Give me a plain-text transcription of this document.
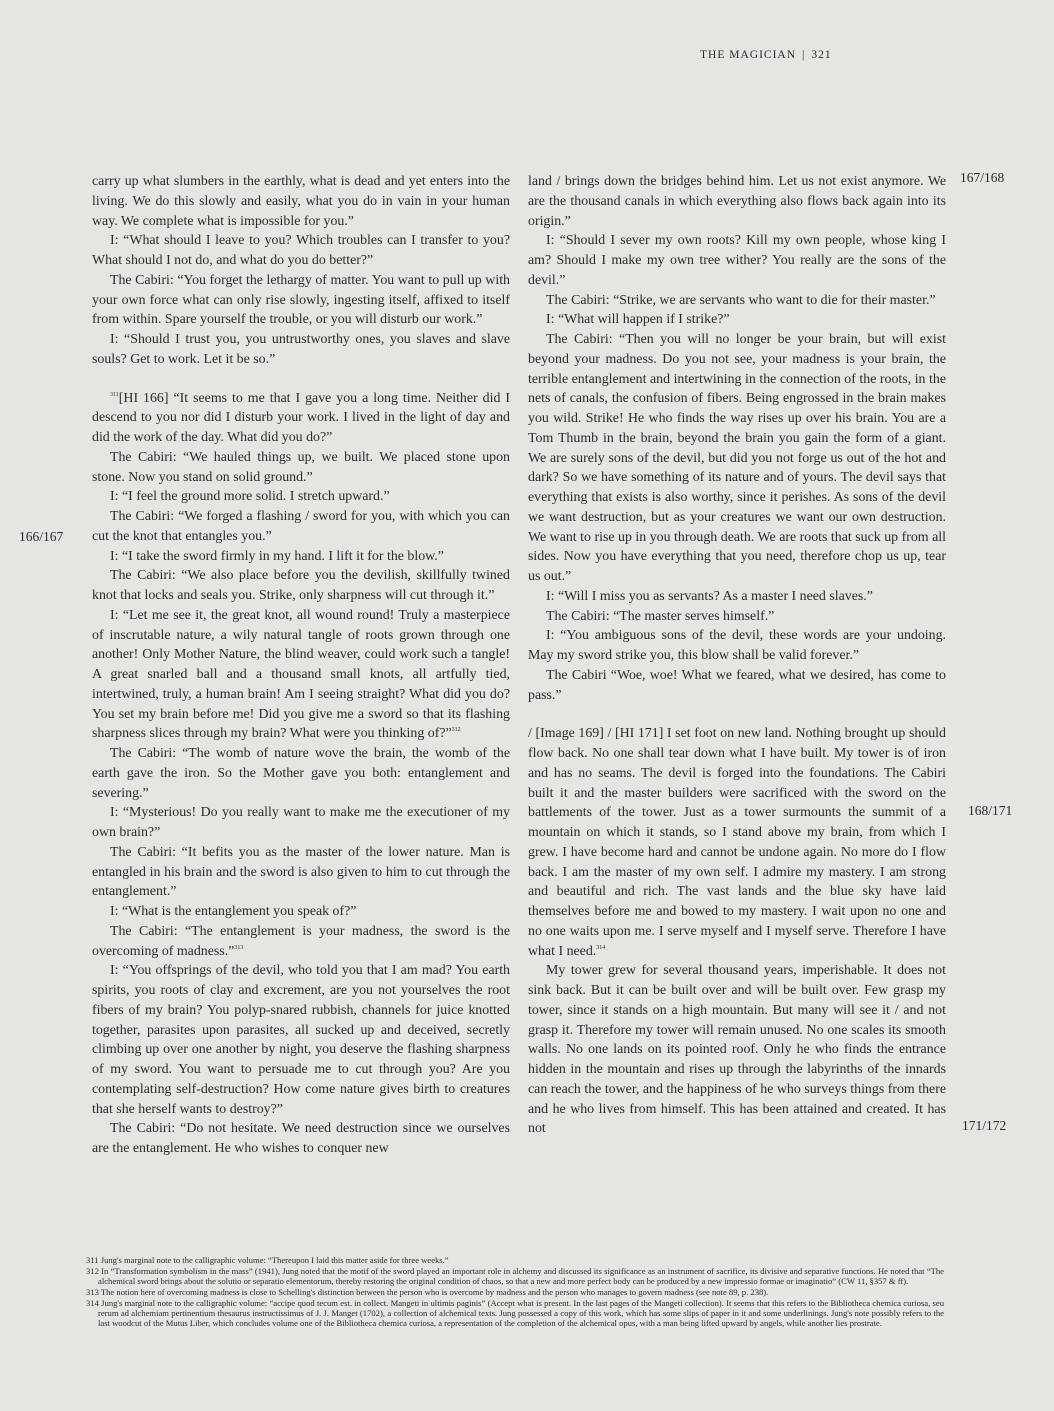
THE MAGICIAN | 321
167/168
166/167
168/171
171/172

carry up what slumbers in the earthly, what is dead and yet enters into the living. We do this slowly and easily, what you do in vain in your human way. We complete what is impossible for you.”

I: “What should I leave to you? Which troubles can I transfer to you? What should I not do, and what do you do better?”

The Cabiri: “You forget the lethargy of matter. You want to pull up with your own force what can only rise slowly, ingesting itself, affixed to itself from within. Spare yourself the trouble, or you will disturb our work.”

I: “Should I trust you, you untrustworthy ones, you slaves and slave souls? Get to work. Let it be so.”

$^{311}$[HI 166] “It seems to me that I gave you a long time. Neither did I descend to you nor did I disturb your work. I lived in the light of day and did the work of the day. What did you do?”

The Cabiri: “We hauled things up, we built. We placed stone upon stone. Now you stand on solid ground.”

I: “I feel the ground more solid. I stretch upward.”

The Cabiri: “We forged a flashing / sword for you, with which you can cut the knot that entangles you.”

I: “I take the sword firmly in my hand. I lift it for the blow.”

The Cabiri: “We also place before you the devilish, skillfully twined knot that locks and seals you. Strike, only sharpness will cut through it.”

I: “Let me see it, the great knot, all wound round! Truly a masterpiece of inscrutable nature, a wily natural tangle of roots grown through one another! Only Mother Nature, the blind weaver, could work such a tangle! A great snarled ball and a thousand small knots, all artfully tied, intertwined, truly, a human brain! Am I seeing straight? What did you do? You set my brain before me! Did you give me a sword so that its flashing sharpness slices through my brain? What were you thinking of?”$^{312}$

The Cabiri: “The womb of nature wove the brain, the womb of the earth gave the iron. So the Mother gave you both: entanglement and severing.”

I: “Mysterious! Do you really want to make me the executioner of my own brain?”

The Cabiri: “It befits you as the master of the lower nature. Man is entangled in his brain and the sword is also given to him to cut through the entanglement.”

I: “What is the entanglement you speak of?”

The Cabiri: “The entanglement is your madness, the sword is the overcoming of madness.”$^{313}$

I: “You offsprings of the devil, who told you that I am mad? You earth spirits, you roots of clay and excrement, are you not yourselves the root fibers of my brain? You polyp-snared rubbish, channels for juice knotted together, parasites upon parasites, all sucked up and deceived, secretly climbing up over one another by night, you deserve the flashing sharpness of my sword. You want to persuade me to cut through you? Are you contemplating self-destruction? How come nature gives birth to creatures that she herself wants to destroy?”

The Cabiri: “Do not hesitate. We need destruction since we ourselves are the entanglement. He who wishes to conquer new

land / brings down the bridges behind him. Let us not exist anymore. We are the thousand canals in which everything also flows back again into its origin.”

I: “Should I sever my own roots? Kill my own people, whose king I am? Should I make my own tree wither? You really are the sons of the devil.”

The Cabiri: “Strike, we are servants who want to die for their master.”

I: “What will happen if I strike?”

The Cabiri: “Then you will no longer be your brain, but will exist beyond your madness. Do you not see, your madness is your brain, the terrible entanglement and intertwining in the connection of the roots, in the nets of canals, the confusion of fibers. Being engrossed in the brain makes you wild. Strike! He who finds the way rises up over his brain. You are a Tom Thumb in the brain, beyond the brain you gain the form of a giant. We are surely sons of the devil, but did you not forge us out of the hot and dark? So we have something of its nature and of yours. The devil says that everything that exists is also worthy, since it perishes. As sons of the devil we want destruction, but as your creatures we want our own destruction. We want to rise up in you through death. We are roots that suck up from all sides. Now you have everything that you need, therefore chop us up, tear us out.”

I: “Will I miss you as servants? As a master I need slaves.”

The Cabiri: “The master serves himself.”

I: “You ambiguous sons of the devil, these words are your undoing. May my sword strike you, this blow shall be valid forever.”

The Cabiri “Woe, woe! What we feared, what we desired, has come to pass.”

/ [Image 169] / [HI 171] I set foot on new land. Nothing brought up should flow back. No one shall tear down what I have built. My tower is of iron and has no seams. The devil is forged into the foundations. The Cabiri built it and the master builders were sacrificed with the sword on the battlements of the tower. Just as a tower surmounts the summit of a mountain on which it stands, so I stand above my brain, from which I grew. I have become hard and cannot be undone again. No more do I flow back. I am the master of my own self. I admire my mastery. I am strong and beautiful and rich. The vast lands and the blue sky have laid themselves before me and bowed to my mastery. I wait upon no one and no one waits upon me. I serve myself and I myself serve. Therefore I have what I need.$^{314}$

My tower grew for several thousand years, imperishable. It does not sink back. But it can be built over and will be built over. Few grasp my tower, since it stands on a high mountain. But many will see it / and not grasp it. Therefore my tower will remain unused. No one scales its smooth walls. No one lands on its pointed roof. Only he who finds the entrance hidden in the mountain and rises up through the labyrinths of the innards can reach the tower, and the happiness of he who surveys things from there and he who lives from himself. This has been attained and created. It has not

311 Jung's marginal note to the calligraphic volume: “Thereupon I laid this matter aside for three weeks.”

312 In “Transformation symbolism in the mass” (1941), Jung noted that the motif of the sword played an important role in alchemy and discussed its significance as an instrument of sacrifice, its divisive and separative functions. He noted that “The alchemical sword brings about the solutio or separatio elementorum, thereby restoring the original condition of chaos, so that a new and more perfect body can be produced by a new impressio formae or imaginatio” (CW 11, §357 & ff).

313 The notion here of overcoming madness is close to Schelling's distinction between the person who is overcome by madness and the person who manages to govern madness (see note 89, p. 238).

314 Jung's marginal note to the calligraphic volume: “accipe quod tecum est. in collect. Mangeti in ultimis paginis” (Accept what is present. In the last pages of the Mangeti collection). It seems that this refers to the Bibliotheca chemica curiosa, seu rerum ad alchemiam pertinentium thesaurus instructissimus of J. J. Manget (1702), a collection of alchemical texts. Jung possessed a copy of this work, which has some slips of paper in it and some underlinings. Jung's note possibly refers to the last woodcut of the Mutus Liber, which concludes volume one of the Bibliotheca chemica curiosa, a representation of the completion of the alchemical opus, with a man being lifted upward by angels, while another lies prostrate.
